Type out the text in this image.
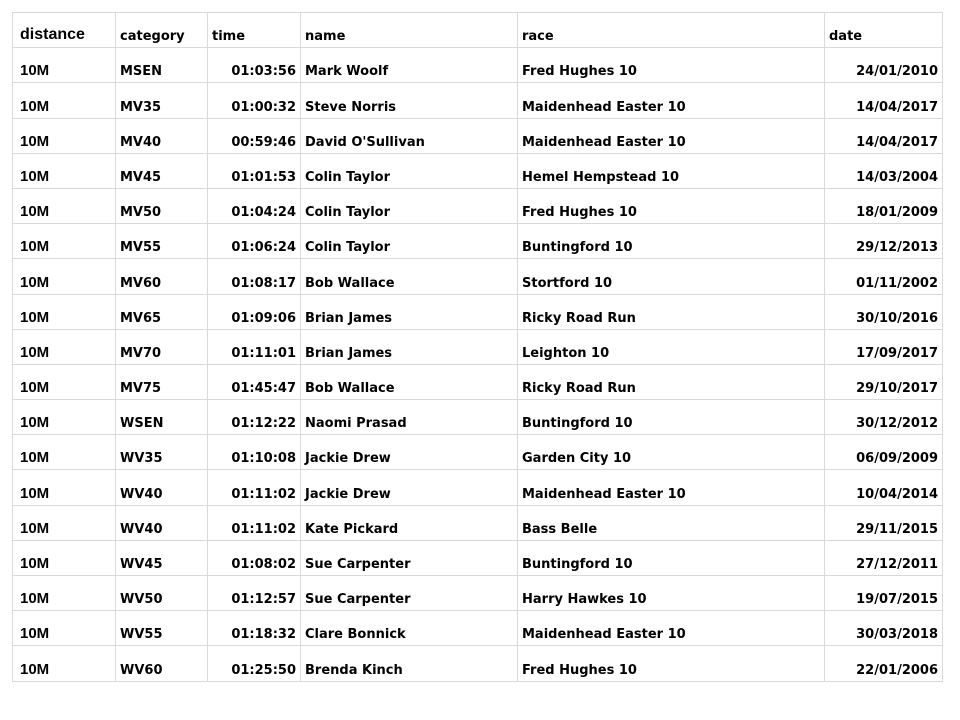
distance	category	time	name	race	date
10M	MSEN	01:03:56	Mark Woolf	Fred Hughes 10	24/01/2010
10M	MV35	01:00:32	Steve Norris	Maidenhead Easter 10	14/04/2017
10M	MV40	00:59:46	David O'Sullivan	Maidenhead Easter 10	14/04/2017
10M	MV45	01:01:53	Colin Taylor	Hemel Hempstead 10	14/03/2004
10M	MV50	01:04:24	Colin Taylor	Fred Hughes 10	18/01/2009
10M	MV55	01:06:24	Colin Taylor	Buntingford 10	29/12/2013
10M	MV60	01:08:17	Bob Wallace	Stortford 10	01/11/2002
10M	MV65	01:09:06	Brian James	Ricky Road Run	30/10/2016
10M	MV70	01:11:01	Brian James	Leighton 10	17/09/2017
10M	MV75	01:45:47	Bob Wallace	Ricky Road Run	29/10/2017
10M	WSEN	01:12:22	Naomi Prasad	Buntingford 10	30/12/2012
10M	WV35	01:10:08	Jackie Drew	Garden City 10	06/09/2009
10M	WV40	01:11:02	Jackie Drew	Maidenhead Easter 10	10/04/2014
10M	WV40	01:11:02	Kate Pickard	Bass Belle	29/11/2015
10M	WV45	01:08:02	Sue Carpenter	Buntingford 10	27/12/2011
10M	WV50	01:12:57	Sue Carpenter	Harry Hawkes 10	19/07/2015
10M	WV55	01:18:32	Clare Bonnick	Maidenhead Easter 10	30/03/2018
10M	WV60	01:25:50	Brenda Kinch	Fred Hughes 10	22/01/2006
